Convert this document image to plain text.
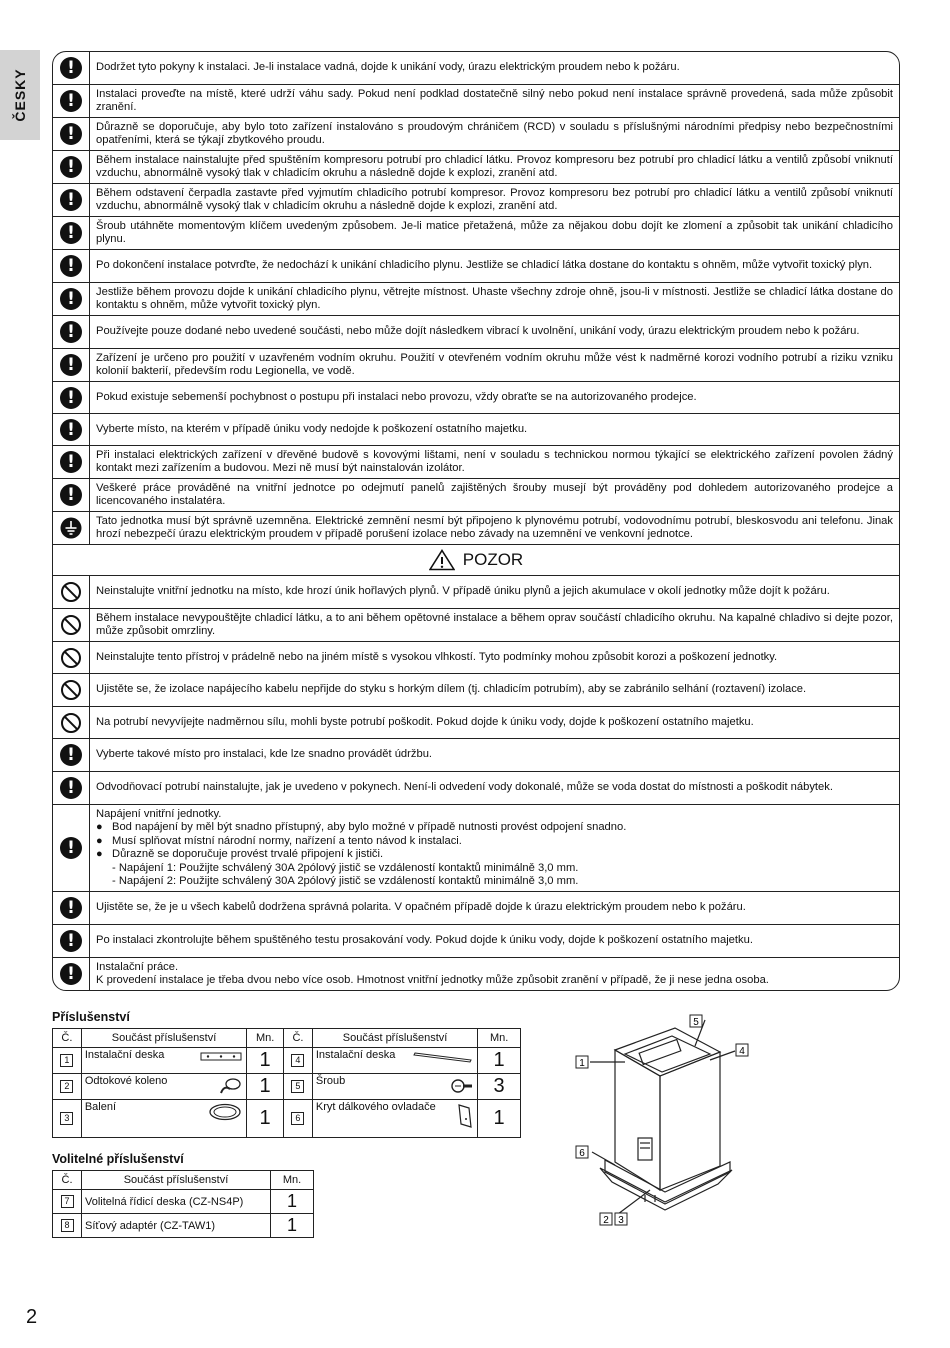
ČESKY
!	Dodržet tyto pokyny k instalaci. Je-li instalace vadná, dojde k unikání vody, úrazu elektrickým proudem nebo k požáru.

!	Instalaci proveďte na místě, které udrží váhu sady. Pokud není podklad dostatečně silný nebo pokud není instalace správně provedená, sada může způsobit zranění.

!	Důrazně se doporučuje, aby bylo toto zařízení instalováno s proudovým chráničem (RCD) v souladu s příslušnými národními předpisy nebo bezpečnostními opatřeními, která se týkají zbytkového proudu.

!	Během instalace nainstalujte před spuštěním kompresoru potrubí pro chladicí látku. Provoz kompresoru bez potrubí pro chladicí látku a ventilů způsobí vniknutí vzduchu, abnormálně vysoký tlak v chladicím okruhu a následně dojde k explozi, zranění atd.

!	Během odstavení čerpadla zastavte před vyjmutím chladicího potrubí kompresor. Provoz kompresoru bez potrubí pro chladicí látku a ventilů způsobí vniknutí vzduchu, abnormálně vysoký tlak v chladicím okruhu a následně dojde k explozi, zranění atd.

!	Šroub utáhněte momentovým klíčem uvedeným způsobem. Je-li matice přetažená, může za nějakou dobu dojít ke zlomení a způsobit tak unikání chladicího plynu.

!	Po dokončení instalace potvrďte, že nedochází k unikání chladicího plynu. Jestliže se chladicí látka dostane do kontaktu s ohněm, může vytvořit toxický plyn.

!	Jestliže během provozu dojde k unikání chladicího plynu, větrejte místnost. Uhaste všechny zdroje ohně, jsou-li v místnosti. Jestliže se chladicí látka dostane do kontaktu s ohněm, může vytvořit toxický plyn.

!	Používejte pouze dodané nebo uvedené součásti, nebo může dojít následkem vibrací k uvolnění, unikání vody, úrazu elektrickým proudem nebo k požáru.

!	Zařízení je určeno pro použití v uzavřeném vodním okruhu. Použití v otevřeném vodním okruhu může vést k nadměrné korozi vodního potrubí a riziku vzniku kolonií bakterií, především rodu Legionella, ve vodě.

!	Pokud existuje sebemenší pochybnost o postupu při instalaci nebo provozu, vždy obraťte se na autorizovaného prodejce.

!	Vyberte místo, na kterém v případě úniku vody nedojde k poškození ostatního majetku.

!	Při instalaci elektrických zařízení v dřevěné budově s kovovými lištami, není v souladu s technickou normou týkající se elektrického zařízení povolen žádný kontakt mezi zařízením a budovou. Mezi ně musí být nainstalován izolátor.

!	Veškeré práce prováděné na vnitřní jednotce po odejmutí panelů zajištěných šrouby musejí být prováděny pod dohledem autorizovaného prodejce a licencovaného instalatéra.

Tato jednotka musí být správně uzemněna. Elektrické zemnění nesmí být připojeno k plynovému potrubí, vodovodnímu potrubí, bleskosvodu ani telefonu. Jinak hrozí nebezpečí úrazu elektrickým proudem v případě porušení izolace nebo závady na uzemnění ve venkovní jednotce.

POZOR

Neinstalujte vnitřní jednotku na místo, kde hrozí únik hořlavých plynů. V případě úniku plynů a jejich akumulace v okolí jednotky může dojít k požáru.

Během instalace nevypouštějte chladicí látku, a to ani během opětovné instalace a během oprav součástí chladicího okruhu. Na kapalné chladivo si dejte pozor, může způsobit omrzliny.

Neinstalujte tento přístroj v prádelně nebo na jiném místě s vysokou vlhkostí. Tyto podmínky mohou způsobit korozi a poškození jednotky.

Ujistěte se, že izolace napájecího kabelu nepřijde do styku s horkým dílem (tj. chladicím potrubím), aby se zabránilo selhání (roztavení) izolace.

Na potrubí nevyvíjejte nadměrnou sílu, mohli byste potrubí poškodit. Pokud dojde k úniku vody, dojde k poškození ostatního majetku.

!	Vyberte takové místo pro instalaci, kde lze snadno provádět údržbu.

!	Odvodňovací potrubí nainstalujte, jak je uvedeno v pokynech. Není-li odvedení vody dokonalé, může se voda dostat do místnosti a poškodit nábytek.

!

Napájení vnitřní jednotky.

● Bod napájení by měl být snadno přístupný, aby bylo možné v případě nutnosti provést odpojení snadno.
● Musí splňovat místní národní normy, nařízení a tento návod k instalaci.
● Důrazně se doporučuje provést trvalé připojení k jističi.

- Napájení 1: Použijte schválený 30A 2pólový jistič se vzdáleností kontaktů minimálně 3,0 mm.

- Napájení 2: Použijte schválený 30A 2pólový jistič se vzdáleností kontaktů minimálně 3,0 mm.

!	Ujistěte se, že je u všech kabelů dodržena správná polarita. V opačném případě dojde k úrazu elektrickým proudem nebo k požáru.

!	Po instalaci zkontrolujte během spuštěného testu prosakování vody. Pokud dojde k úniku vody, dojde k poškození ostatního majetku.

!	Instalační práce.

K provedení instalace je třeba dvou nebo více osob. Hmotnost vnitřní jednotky může způsobit zranění v případě, že ji nese jedna osoba.

Příslušenství
Č.	Součást příslušenství	Mn.	Č.	Součást příslušenství	Mn.
1	Instalační deska	1	4	Instalační deska	1
2	Odtokové koleno	1	5	Šroub	3
3	Balení	1	6	Kryt dálkového ovladače	1
Volitelné příslušenství
Č.	Součást příslušenství	Mn.
7	Volitelná řídicí deska (CZ-NS4P)	1
8	Síťový adaptér (CZ-TAW1)	1
1
2 3
4
5
6
2
